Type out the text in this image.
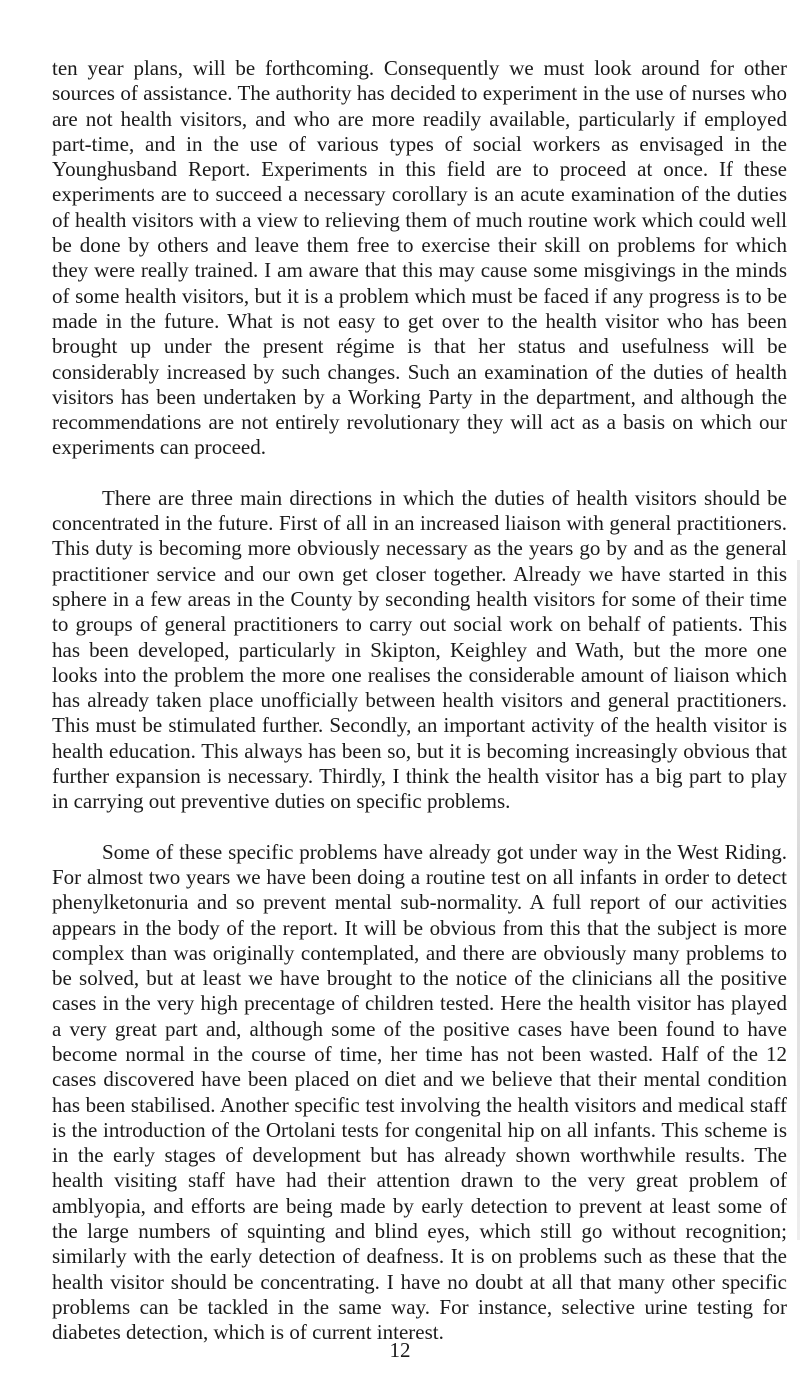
ten year plans, will be forthcoming. Consequently we must look around for other sources of assistance. The authority has decided to experiment in the use of nurses who are not health visitors, and who are more readily available, particularly if employed part-time, and in the use of various types of social workers as envisaged in the Younghusband Report. Experiments in this field are to proceed at once. If these experiments are to succeed a necessary corollary is an acute examination of the duties of health visitors with a view to relieving them of much routine work which could well be done by others and leave them free to exercise their skill on problems for which they were really trained. I am aware that this may cause some misgivings in the minds of some health visitors, but it is a problem which must be faced if any progress is to be made in the future. What is not easy to get over to the health visitor who has been brought up under the present régime is that her status and usefulness will be considerably increased by such changes. Such an examination of the duties of health visitors has been undertaken by a Working Party in the department, and although the recommendations are not entirely revolutionary they will act as a basis on which our experiments can proceed.

There are three main directions in which the duties of health visitors should be concentrated in the future. First of all in an increased liaison with general practitioners. This duty is becoming more obviously necessary as the years go by and as the general practitioner service and our own get closer together. Already we have started in this sphere in a few areas in the County by seconding health visitors for some of their time to groups of general practitioners to carry out social work on behalf of patients. This has been developed, particularly in Skipton, Keighley and Wath, but the more one looks into the problem the more one realises the considerable amount of liaison which has already taken place unofficially between health visitors and general practitioners. This must be stimulated further. Secondly, an important activity of the health visitor is health education. This always has been so, but it is becoming increasingly obvious that further expansion is necessary. Thirdly, I think the health visitor has a big part to play in carrying out preventive duties on specific problems.

Some of these specific problems have already got under way in the West Riding. For almost two years we have been doing a routine test on all infants in order to detect phenylketonuria and so prevent mental sub-normality. A full report of our activities appears in the body of the report. It will be obvious from this that the subject is more complex than was originally contemplated, and there are obviously many problems to be solved, but at least we have brought to the notice of the clinicians all the positive cases in the very high precentage of children tested. Here the health visitor has played a very great part and, although some of the positive cases have been found to have become normal in the course of time, her time has not been wasted. Half of the 12 cases discovered have been placed on diet and we believe that their mental condition has been stabilised. Another specific test involving the health visitors and medical staff is the introduction of the Ortolani tests for congenital hip on all infants. This scheme is in the early stages of development but has already shown worthwhile results. The health visiting staff have had their attention drawn to the very great problem of amblyopia, and efforts are being made by early detection to prevent at least some of the large numbers of squinting and blind eyes, which still go without recognition; similarly with the early detection of deafness. It is on problems such as these that the health visitor should be concentrating. I have no doubt at all that many other specific problems can be tackled in the same way. For instance, selective urine testing for diabetes detection, which is of current interest.

12
